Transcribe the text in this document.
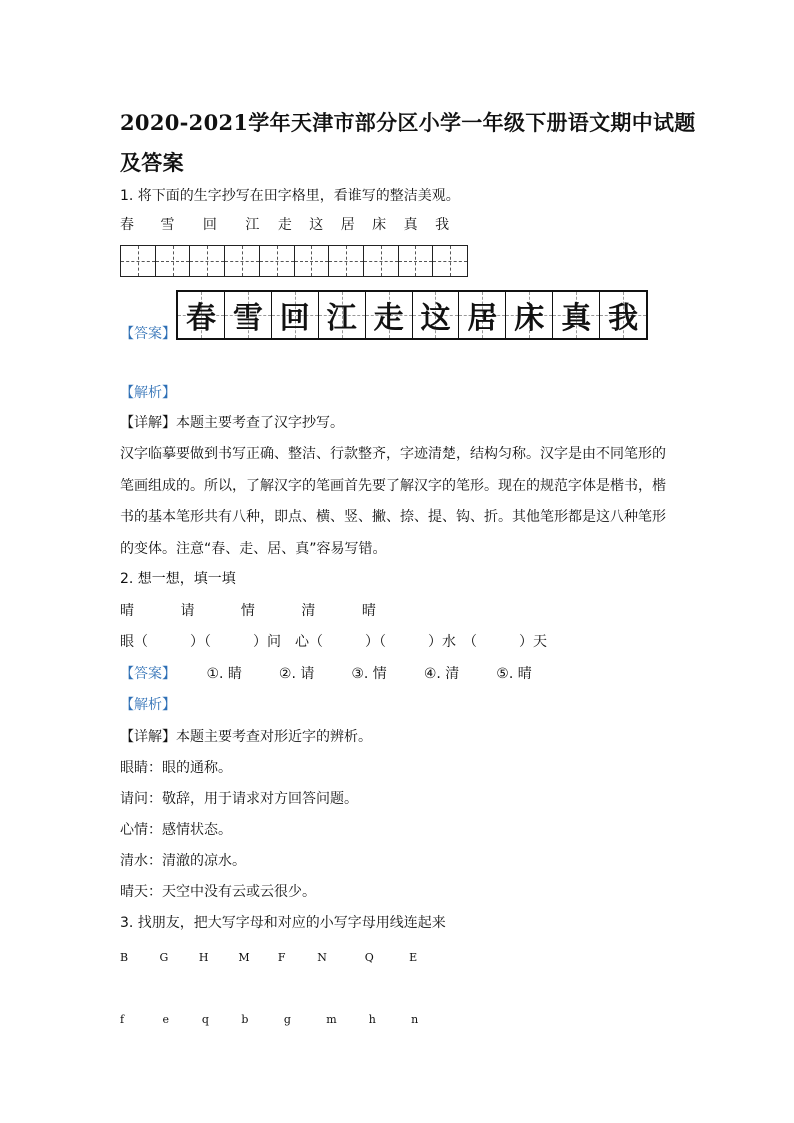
2020-2021学年天津市部分区小学一年级下册语文期中试题
及答案
1. 将下面的生字抄写在田字格里，看谁写的整洁美观。
春 雪 回 江 走 这 居 床 真 我
【答案】 春 雪 回 江 走 这 居 床 真 我
【解析】
【详解】本题主要考查了汉字抄写。
汉字临摹要做到书写正确、整洁、行款整齐，字迹清楚，结构匀称。汉字是由不同笔形的笔画组成的。所以，了解汉字的笔画首先要了解汉字的笔形。现在的规范字体是楷书，楷书的基本笔形共有八种，即点、横、竖、撇、捺、提、钩、折。其他笔形都是这八种笔形的变体。注意“春、走、居、真”容易写错。
2. 想一想，填一填
晴	请	情	清	晴
眼（　　　）（　　　）问　心（　　　）（　　　）水　（　　　）天
【答案】 ①. 睛	②. 请	③. 情	④. 清	⑤. 晴
【解析】
【详解】本题主要考查对形近字的辨析。
眼睛：眼的通称。
请问：敬辞，用于请求对方回答问题。
心情：感情状态。
清水：清澈的凉水。
晴天：天空中没有云或云很少。
3. 找朋友，把大写字母和对应的小写字母用线连起来
B	G	H	M	F	N	Q	E
f	e	q	b	g	m	h	n
